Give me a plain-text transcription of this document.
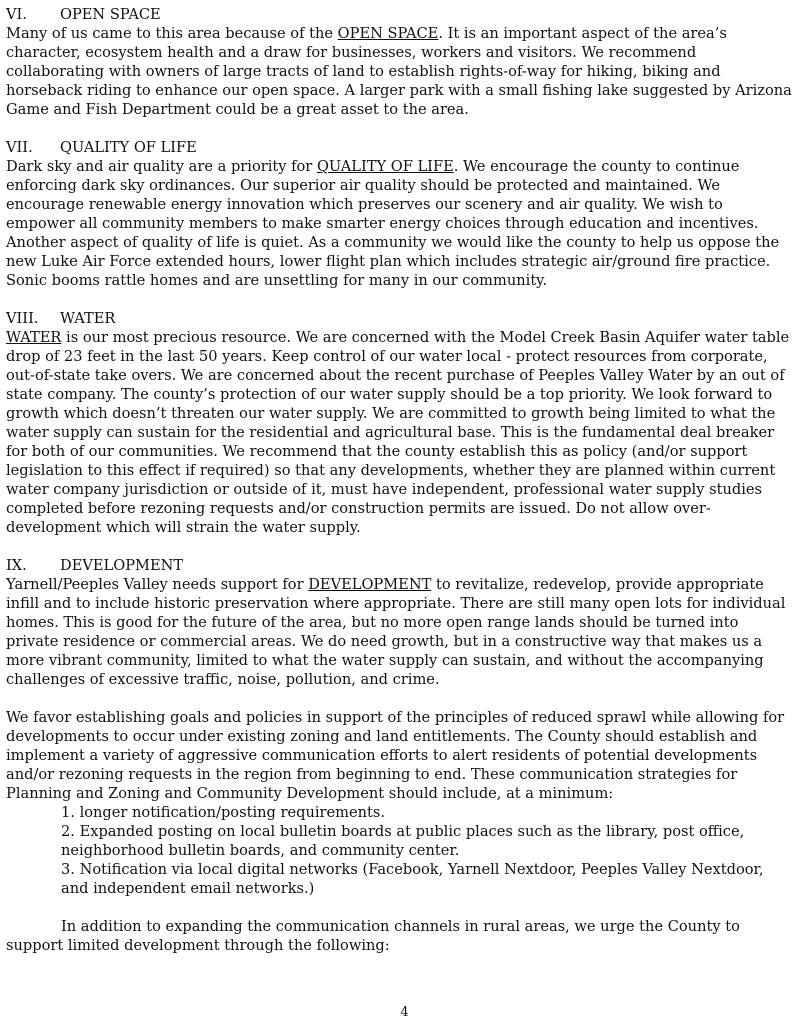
VI. OPEN SPACE

Many of us came to this area because of the OPEN SPACE. It is an important aspect of the area’s character, ecosystem health and a draw for businesses, workers and visitors. We recommend collaborating with owners of large tracts of land to establish rights-of-way for hiking, biking and horseback riding to enhance our open space. A larger park with a small fishing lake suggested by Arizona Game and Fish Department could be a great asset to the area.

VII. QUALITY OF LIFE

Dark sky and air quality are a priority for QUALITY OF LIFE. We encourage the county to continue enforcing dark sky ordinances. Our superior air quality should be protected and maintained. We encourage renewable energy innovation which preserves our scenery and air quality. We wish to empower all community members to make smarter energy choices through education and incentives. Another aspect of quality of life is quiet. As a community we would like the county to help us oppose the new Luke Air Force extended hours, lower flight plan which includes strategic air/ground fire practice. Sonic booms rattle homes and are unsettling for many in our community.

VIII. WATER

WATER is our most precious resource. We are concerned with the Model Creek Basin Aquifer water table drop of 23 feet in the last 50 years. Keep control of our water local - protect resources from corporate, out-of-state take overs. We are concerned about the recent purchase of Peeples Valley Water by an out of state company. The county’s protection of our water supply should be a top priority. We look forward to growth which doesn’t threaten our water supply. We are committed to growth being limited to what the water supply can sustain for the residential and agricultural base. This is the fundamental deal breaker for both of our communities. We recommend that the county establish this as policy (and/or support legislation to this effect if required) so that any developments, whether they are planned within current water company jurisdiction or outside of it, must have independent, professional water supply studies completed before rezoning requests and/or construction permits are issued. Do not allow over-development which will strain the water supply.

IX. DEVELOPMENT

Yarnell/Peeples Valley needs support for DEVELOPMENT to revitalize, redevelop, provide appropriate infill and to include historic preservation where appropriate. There are still many open lots for individual homes. This is good for the future of the area, but no more open range lands should be turned into private residence or commercial areas. We do need growth, but in a constructive way that makes us a more vibrant community, limited to what the water supply can sustain, and without the accompanying challenges of excessive traffic, noise, pollution, and crime.

We favor establishing goals and policies in support of the principles of reduced sprawl while allowing for developments to occur under existing zoning and land entitlements. The County should establish and implement a variety of aggressive communication efforts to alert residents of potential developments and/or rezoning requests in the region from beginning to end. These communication strategies for Planning and Zoning and Community Development should include, at a minimum:

1. longer notification/posting requirements.

2. Expanded posting on local bulletin boards at public places such as the library, post office, neighborhood bulletin boards, and community center.

3. Notification via local digital networks (Facebook, Yarnell Nextdoor, Peeples Valley Nextdoor, and independent email networks.)

In addition to expanding the communication channels in rural areas, we urge the County to support limited development through the following:

4
